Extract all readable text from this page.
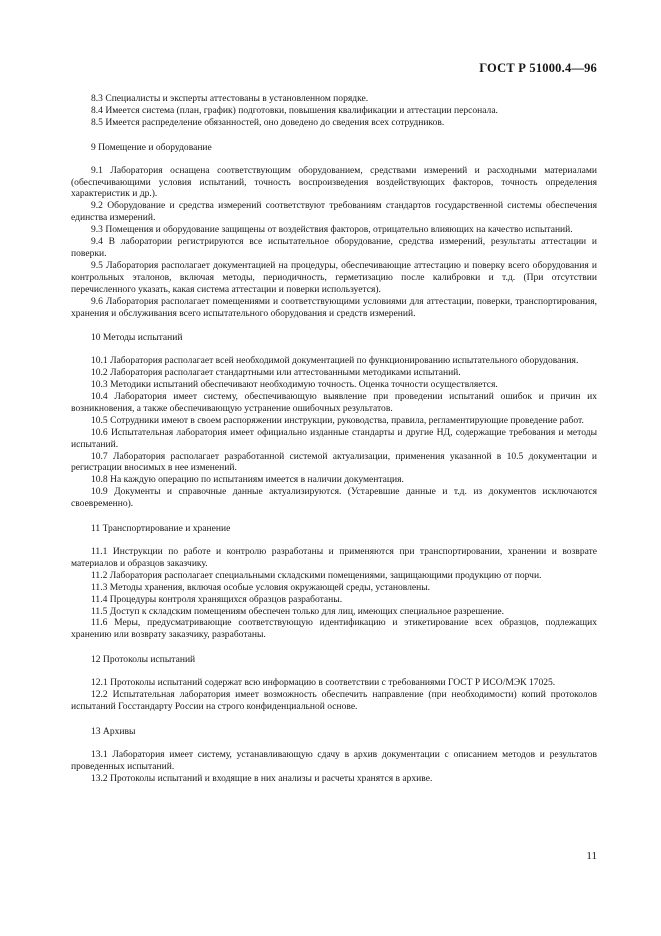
ГОСТ Р 51000.4—96
8.3 Специалисты и эксперты аттестованы в установленном порядке.
8.4 Имеется система (план, график) подготовки, повышения квалификации и аттестации персонала.
8.5 Имеется распределение обязанностей, оно доведено до сведения всех сотрудников.
9 Помещение и оборудование
9.1 Лаборатория оснащена соответствующим оборудованием, средствами измерений и расходными материалами (обеспечивающими условия испытаний, точность воспроизведения воздействующих факторов, точность определения характеристик и др.).
9.2 Оборудование и средства измерений соответствуют требованиям стандартов государственной системы обеспечения единства измерений.
9.3 Помещения и оборудование защищены от воздействия факторов, отрицательно влияющих на качество испытаний.
9.4 В лаборатории регистрируются все испытательное оборудование, средства измерений, результаты аттестации и поверки.
9.5 Лаборатория располагает документацией на процедуры, обеспечивающие аттестацию и поверку всего оборудования и контрольных эталонов, включая методы, периодичность, герметизацию после калибровки и т.д. (При отсутствии перечисленного указать, какая система аттестации и поверки используется).
9.6 Лаборатория располагает помещениями и соответствующими условиями для аттестации, поверки, транспортирования, хранения и обслуживания всего испытательного оборудования и средств измерений.
10 Методы испытаний
10.1 Лаборатория располагает всей необходимой документацией по функционированию испытательного оборудования.
10.2 Лаборатория располагает стандартными или аттестованными методиками испытаний.
10.3 Методики испытаний обеспечивают необходимую точность. Оценка точности осуществляется.
10.4 Лаборатория имеет систему, обеспечивающую выявление при проведении испытаний ошибок и причин их возникновения, а также обеспечивающую устранение ошибочных результатов.
10.5 Сотрудники имеют в своем распоряжении инструкции, руководства, правила, регламентирующие проведение работ.
10.6 Испытательная лаборатория имеет официально изданные стандарты и другие НД, содержащие требования и методы испытаний.
10.7 Лаборатория располагает разработанной системой актуализации, применения указанной в 10.5 документации и регистрации вносимых в нее изменений.
10.8 На каждую операцию по испытаниям имеется в наличии документация.
10.9 Документы и справочные данные актуализируются. (Устаревшие данные и т.д. из документов исключаются своевременно).
11 Транспортирование и хранение
11.1 Инструкции по работе и контролю разработаны и применяются при транспортировании, хранении и возврате материалов и образцов заказчику.
11.2 Лаборатория располагает специальными складскими помещениями, защищающими продукцию от порчи.
11.3 Методы хранения, включая особые условия окружающей среды, установлены.
11.4 Процедуры контроля хранящихся образцов разработаны.
11.5 Доступ к складским помещениям обеспечен только для лиц, имеющих специальное разрешение.
11.6 Меры, предусматривающие соответствующую идентификацию и этикетирование всех образцов, подлежащих хранению или возврату заказчику, разработаны.
12 Протоколы испытаний
12.1 Протоколы испытаний содержат всю информацию в соответствии с требованиями ГОСТ Р ИСО/МЭК 17025.
12.2 Испытательная лаборатория имеет возможность обеспечить направление (при необходимости) копий протоколов испытаний Госстандарту России на строго конфиденциальной основе.
13 Архивы
13.1 Лаборатория имеет систему, устанавливающую сдачу в архив документации с описанием методов и результатов проведенных испытаний.
13.2 Протоколы испытаний и входящие в них анализы и расчеты хранятся в архиве.
11
